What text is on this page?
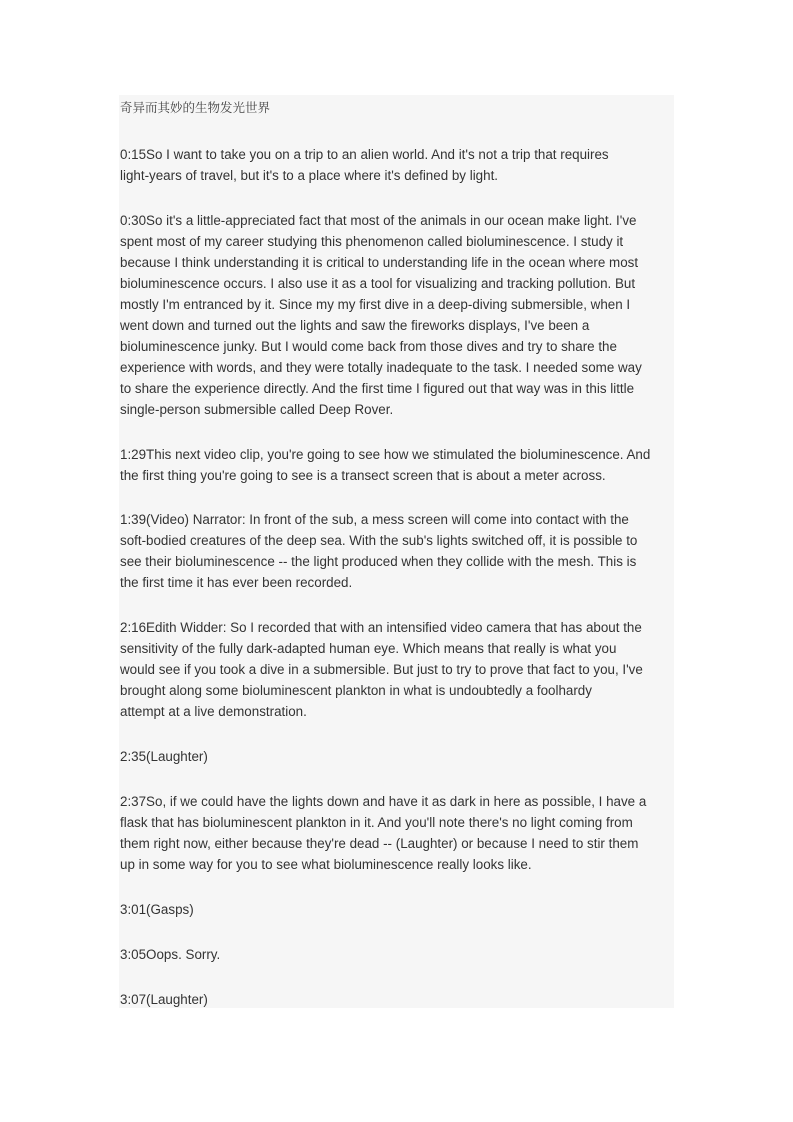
奇异而其妙的生物发光世界
0:15So I want to take you on a trip to an alien world. And it's not a trip that requires
light-years of travel, but it's to a place where it's defined by light.
0:30So it's a little-appreciated fact that most of the animals in our ocean make light. I've
spent most of my career studying this phenomenon called bioluminescence. I study it
because I think understanding it is critical to understanding life in the ocean where most
bioluminescence occurs. I also use it as a tool for visualizing and tracking pollution. But
mostly I'm entranced by it. Since my my first dive in a deep-diving submersible, when I
went down and turned out the lights and saw the fireworks displays, I've been a
bioluminescence junky. But I would come back from those dives and try to share the
experience with words, and they were totally inadequate to the task. I needed some way
to share the experience directly. And the first time I figured out that way was in this little
single-person submersible called Deep Rover.
1:29This next video clip, you're going to see how we stimulated the bioluminescence. And
the first thing you're going to see is a transect screen that is about a meter across.
1:39(Video) Narrator: In front of the sub, a mess screen will come into contact with the
soft-bodied creatures of the deep sea. With the sub's lights switched off, it is possible to
see their bioluminescence -- the light produced when they collide with the mesh. This is
the first time it has ever been recorded.
2:16Edith Widder: So I recorded that with an intensified video camera that has about the
sensitivity of the fully dark-adapted human eye. Which means that really is what you
would see if you took a dive in a submersible. But just to try to prove that fact to you, I've
brought along some bioluminescent plankton in what is undoubtedly a foolhardy
attempt at a live demonstration.
2:35(Laughter)
2:37So, if we could have the lights down and have it as dark in here as possible, I have a
flask that has bioluminescent plankton in it. And you'll note there's no light coming from
them right now, either because they're dead -- (Laughter) or because I need to stir them
up in some way for you to see what bioluminescence really looks like.
3:01(Gasps)
3:05Oops. Sorry.
3:07(Laughter)
